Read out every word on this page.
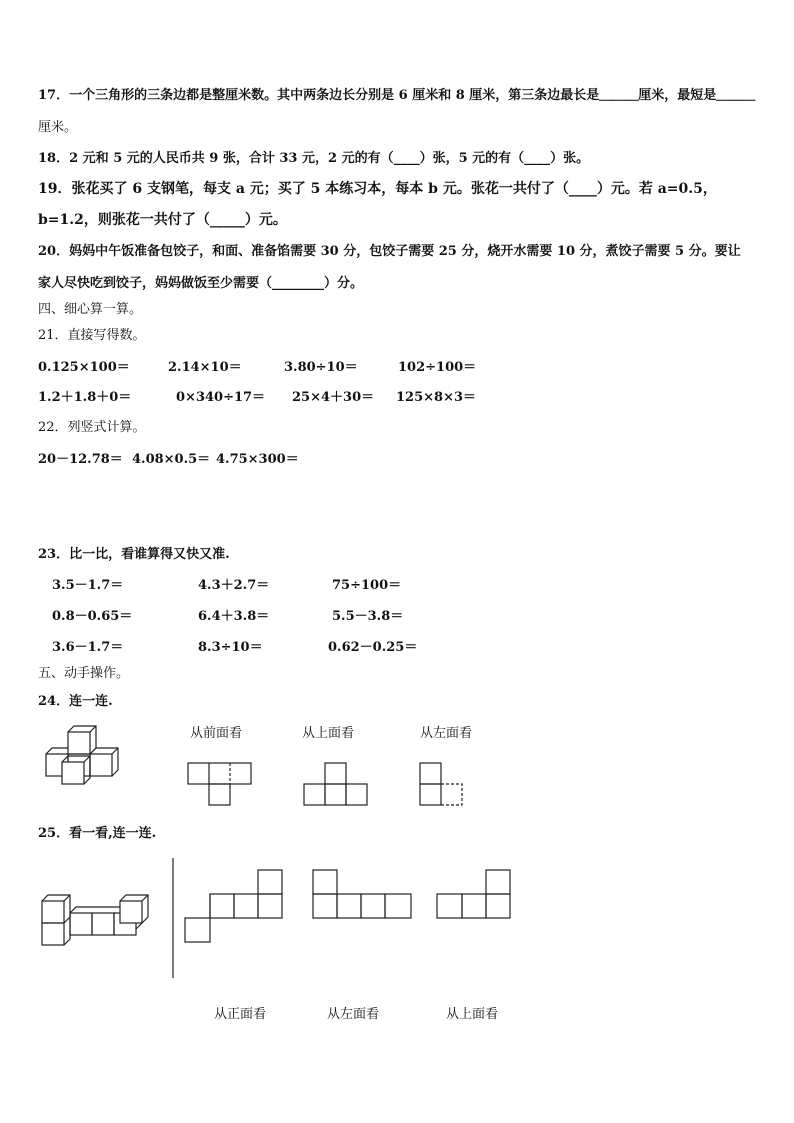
17．一个三角形的三条边都是整厘米数。其中两条边长分别是 6 厘米和 8 厘米，第三条边最长是＿＿＿厘米，最短是＿＿＿
厘米。
18．2 元和 5 元的人民币共 9 张，合计 33 元，2 元的有（____）张，5 元的有（____）张。
19．张花买了 6 支钢笔，每支 a 元；买了 5 本练习本，每本 b 元。张花一共付了（____）元。若 a=0.5，
b=1.2，则张花一共付了（_____）元。
20．妈妈中午饭准备包饺子，和面、准备馅需要 30 分，包饺子需要 25 分，烧开水需要 10 分，煮饺子需要 5 分。要让
家人尽快吃到饺子，妈妈做饭至少需要（________）分。
四、细心算一算。
21．直接写得数。
0.125×100＝	2.14×10＝	3.80÷10＝	102÷100＝
1.2＋1.8＋0＝	0×340÷17＝ 25×4＋30＝ 125×8×3＝
22．列竖式计算。
20－12.78＝ 4.08×0.5＝ 4.75×300＝
23．比一比，看谁算得又快又准.
3.5－1.7＝	4.3＋2.7＝	75÷100＝
0.8－0.65＝	6.4＋3.8＝	5.5－3.8＝
3.6－1.7＝	8.3÷10＝	0.62－0.25＝
五、动手操作。
24．连一连.
从前面看	从上面看	从左面看
25．看一看,连一连.
从正面看	从左面看	从上面看
